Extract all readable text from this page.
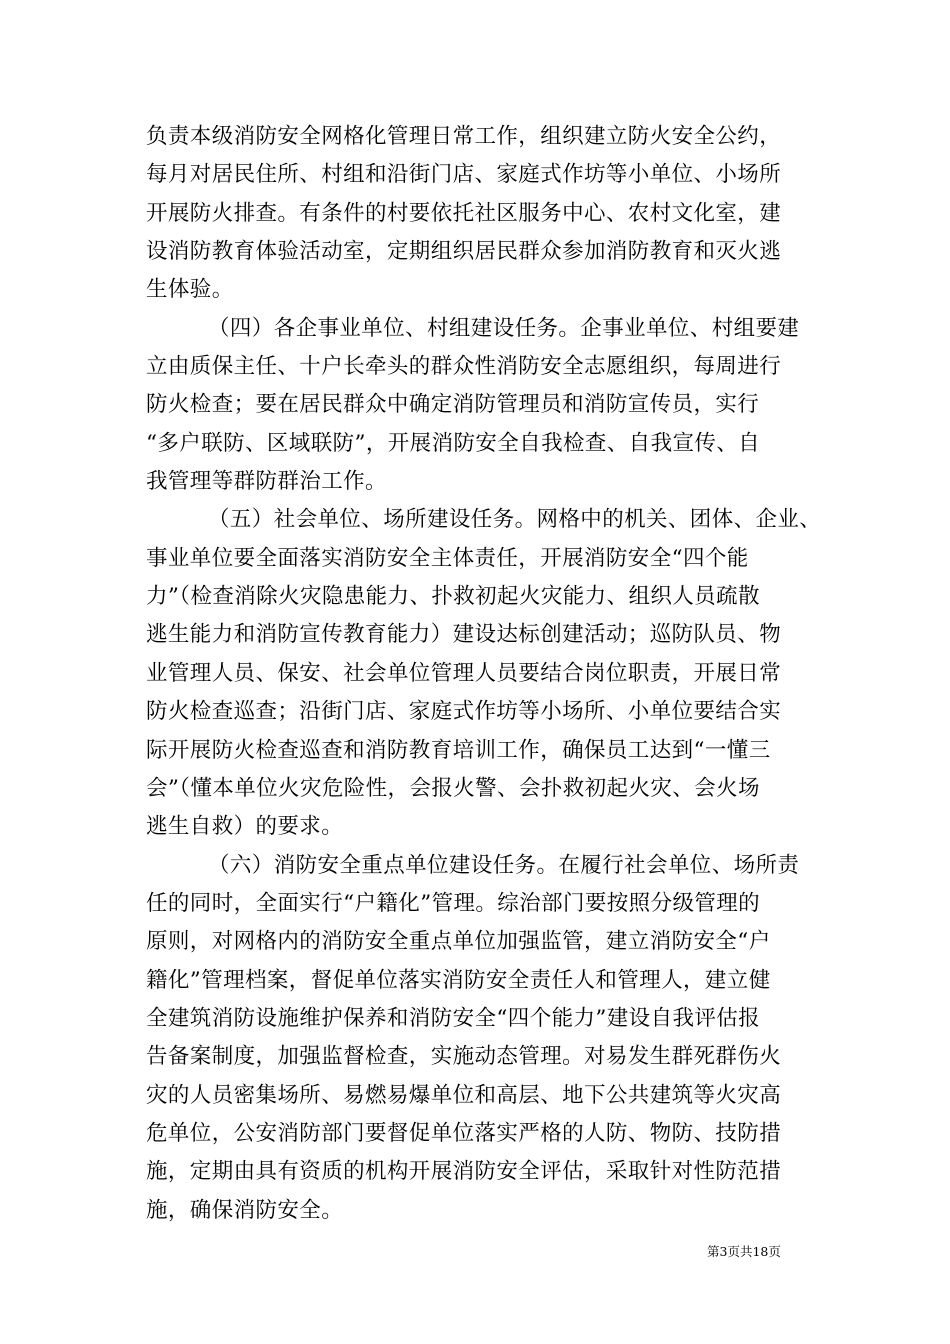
负责本级消防安全网格化管理日常工作，组织建立防火安全公约，
每月对居民住所、村组和沿街门店、家庭式作坊等小单位、小场所
开展防火排查。有条件的村要依托社区服务中心、农村文化室，建
设消防教育体验活动室，定期组织居民群众参加消防教育和灭火逃
生体验。
（四）各企事业单位、村组建设任务。企事业单位、村组要建
立由质保主任、十户长牵头的群众性消防安全志愿组织，每周进行
防火检查；要在居民群众中确定消防管理员和消防宣传员，实行
“多户联防、区域联防”，开展消防安全自我检查、自我宣传、自
我管理等群防群治工作。
（五）社会单位、场所建设任务。网格中的机关、团体、企业、
事业单位要全面落实消防安全主体责任，开展消防安全“四个能
力”（检查消除火灾隐患能力、扑救初起火灾能力、组织人员疏散
逃生能力和消防宣传教育能力）建设达标创建活动；巡防队员、物
业管理人员、保安、社会单位管理人员要结合岗位职责，开展日常
防火检查巡查；沿街门店、家庭式作坊等小场所、小单位要结合实
际开展防火检查巡查和消防教育培训工作，确保员工达到“一懂三
会”（懂本单位火灾危险性，会报火警、会扑救初起火灾、会火场
逃生自救）的要求。
（六）消防安全重点单位建设任务。在履行社会单位、场所责
任的同时，全面实行“户籍化”管理。综治部门要按照分级管理的
原则，对网格内的消防安全重点单位加强监管，建立消防安全“户
籍化”管理档案，督促单位落实消防安全责任人和管理人，建立健
全建筑消防设施维护保养和消防安全“四个能力”建设自我评估报
告备案制度，加强监督检查，实施动态管理。对易发生群死群伤火
灾的人员密集场所、易燃易爆单位和高层、地下公共建筑等火灾高
危单位，公安消防部门要督促单位落实严格的人防、物防、技防措
施，定期由具有资质的机构开展消防安全评估，采取针对性防范措
施，确保消防安全。
第3页共18页
